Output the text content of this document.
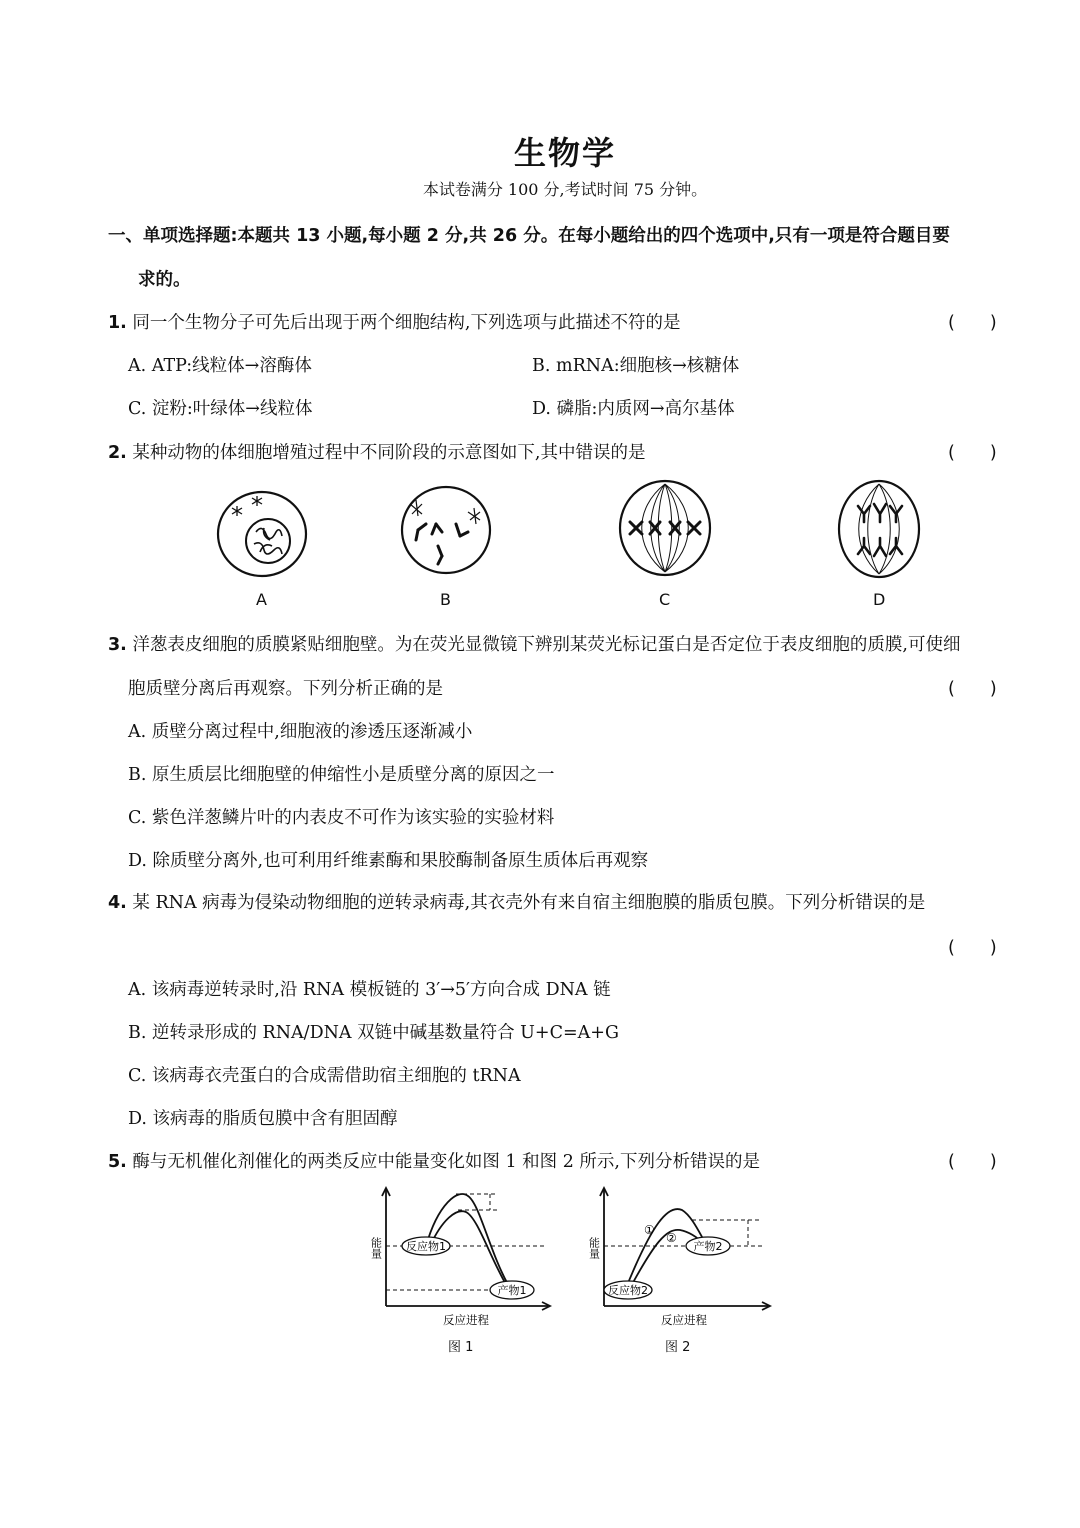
生物学
本试卷满分 100 分,考试时间 75 分钟。
一、单项选择题:本题共 13 小题,每小题 2 分,共 26 分。在每小题给出的四个选项中,只有一项是符合题目要
求的。
1. 同一个生物分子可先后出现于两个细胞结构,下列选项与此描述不符的是	(　　)
A. ATP:线粒体→溶酶体	B. mRNA:细胞核→核糖体
C. 淀粉:叶绿体→线粒体	D. 磷脂:内质网→高尔基体
2. 某种动物的体细胞增殖过程中不同阶段的示意图如下,其中错误的是	(　　)
A	B	C	D
3. 洋葱表皮细胞的质膜紧贴细胞壁。为在荧光显微镜下辨别某荧光标记蛋白是否定位于表皮细胞的质膜,可使细
胞质壁分离后再观察。下列分析正确的是	(　　)
A. 质壁分离过程中,细胞液的渗透压逐渐减小
B. 原生质层比细胞壁的伸缩性小是质壁分离的原因之一
C. 紫色洋葱鳞片叶的内表皮不可作为该实验的实验材料
D. 除质壁分离外,也可利用纤维素酶和果胶酶制备原生质体后再观察
4. 某 RNA 病毒为侵染动物细胞的逆转录病毒,其衣壳外有来自宿主细胞膜的脂质包膜。下列分析错误的是
(　　)
A. 该病毒逆转录时,沿 RNA 模板链的 3′→5′方向合成 DNA 链
B. 逆转录形成的 RNA/DNA 双链中碱基数量符合 U+C=A+G
C. 该病毒衣壳蛋白的合成需借助宿主细胞的 tRNA
D. 该病毒的脂质包膜中含有胆固醇
5. 酶与无机催化剂催化的两类反应中能量变化如图 1 和图 2 所示,下列分析错误的是	(　　)
反应物1
产物1
能量
反应进程
图 1
①
②
反应物2
产物2
能量
反应进程
图 2
